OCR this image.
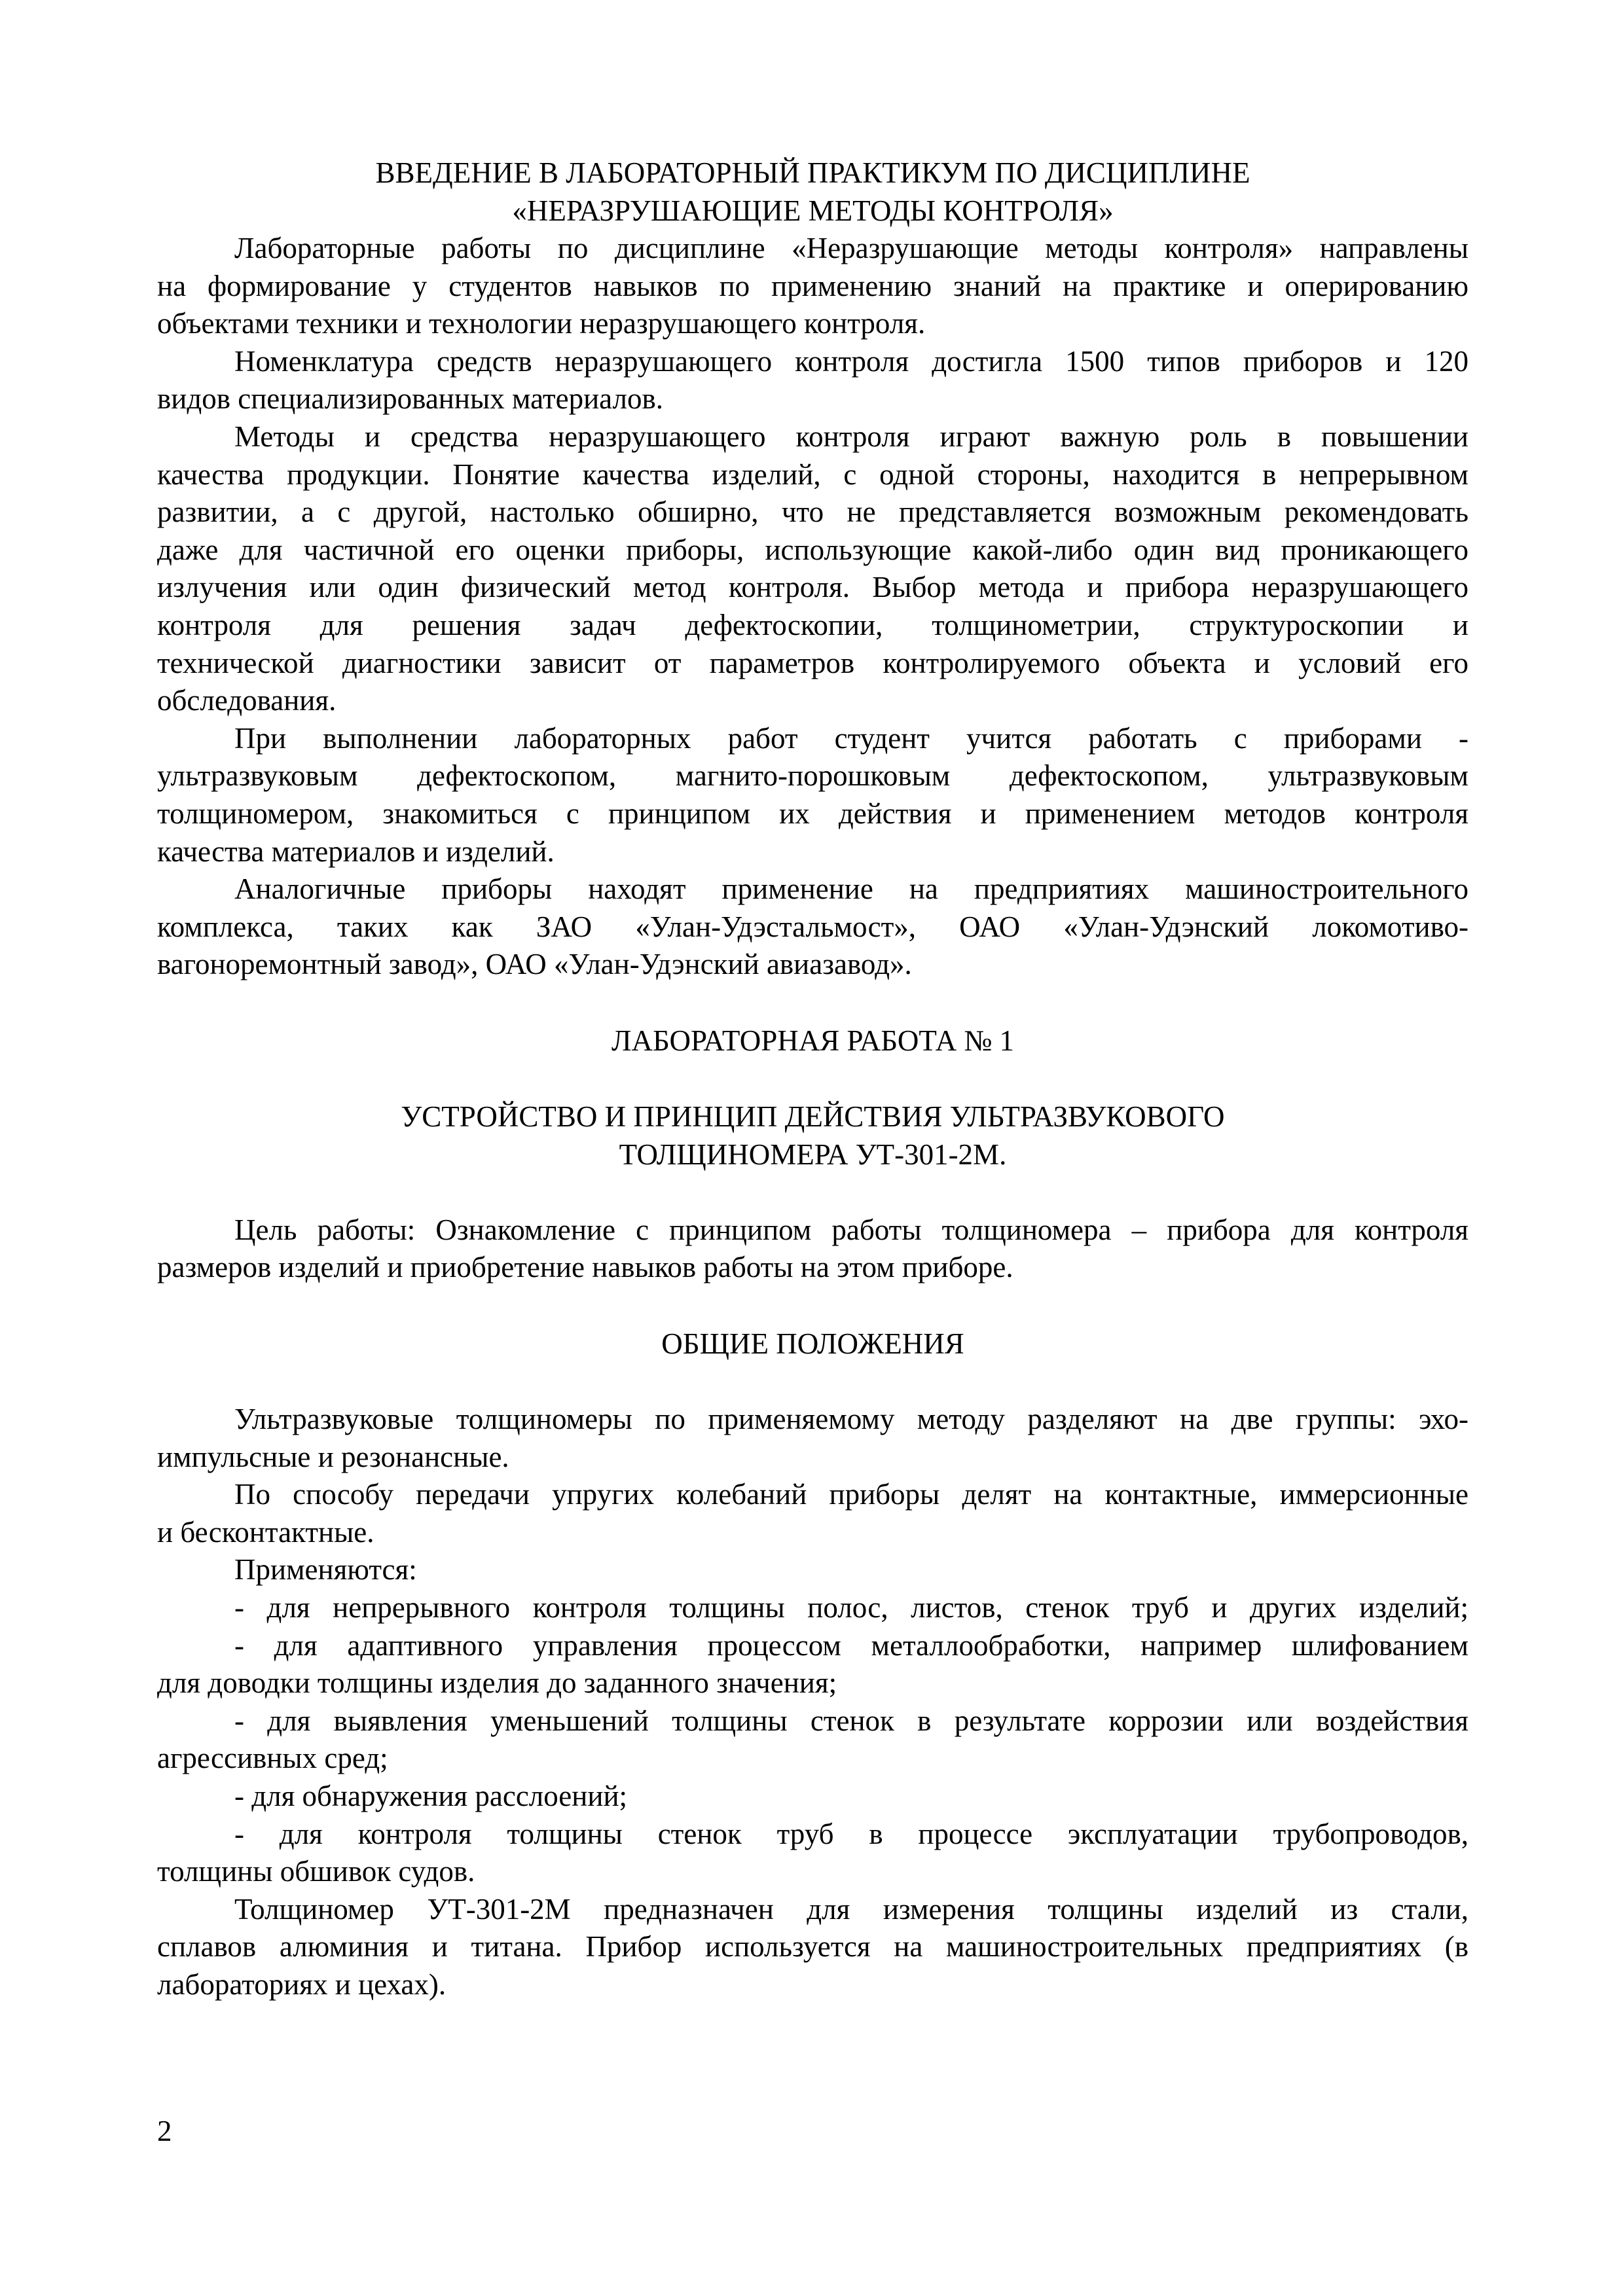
ВВЕДЕНИЕ В ЛАБОРАТОРНЫЙ ПРАКТИКУМ ПО ДИСЦИПЛИНЕ

«НЕРАЗРУШАЮЩИЕ МЕТОДЫ КОНТРОЛЯ»

Лабораторные работы по дисциплине «Неразрушающие методы контроля» направлены
на формирование у студентов навыков по применению знаний на практике и оперированию
объектами техники и технологии неразрушающего контроля.
Номенклатура средств неразрушающего контроля достигла 1500 типов приборов и 120
видов специализированных материалов.
Методы и средства неразрушающего контроля играют важную роль в повышении
качества продукции. Понятие качества изделий, с одной стороны, находится в непрерывном
развитии, а с другой, настолько обширно, что не представляется возможным рекомендовать
даже для частичной его оценки приборы, использующие какой-либо один вид проникающего
излучения или один физический метод контроля. Выбор метода и прибора неразрушающего
контроля для решения задач дефектоскопии, толщинометрии, структуроскопии и
технической диагностики зависит от параметров контролируемого объекта и условий его
обследования.
При выполнении лабораторных работ студент учится работать с приборами -
ультразвуковым дефектоскопом, магнито-порошковым дефектоскопом, ультразвуковым
толщиномером, знакомиться с принципом их действия и применением методов контроля
качества материалов и изделий.
Аналогичные приборы находят применение на предприятиях машиностроительного
комплекса, таких как ЗАО «Улан-Удэстальмост», ОАО «Улан-Удэнский локомотиво-
вагоноремонтный завод», ОАО «Улан-Удэнский авиазавод».

ЛАБОРАТОРНАЯ РАБОТА № 1

УСТРОЙСТВО И ПРИНЦИП ДЕЙСТВИЯ УЛЬТРАЗВУКОВОГО

ТОЛЩИНОМЕРА УТ-301-2М.

Цель работы: Ознакомление с принципом работы толщиномера – прибора для контроля
размеров изделий и приобретение навыков работы на этом приборе.

ОБЩИЕ ПОЛОЖЕНИЯ

Ультразвуковые толщиномеры по применяемому методу разделяют на две группы: эхо-
импульсные и резонансные.
По способу передачи упругих колебаний приборы делят на контактные, иммерсионные
и бесконтактные.
Применяются:
- для непрерывного контроля толщины полос, листов, стенок труб и других изделий;
- для адаптивного управления процессом металлообработки, например шлифованием
для доводки толщины изделия до заданного значения;
- для выявления уменьшений толщины стенок в результате коррозии или воздействия
агрессивных сред;
- для обнаружения расслоений;
- для контроля толщины стенок труб в процессе эксплуатации трубопроводов,
толщины обшивок судов.
Толщиномер УТ-301-2М предназначен для измерения толщины изделий из стали,
сплавов алюминия и титана. Прибор используется на машиностроительных предприятиях (в
лабораториях и цехах).
2
